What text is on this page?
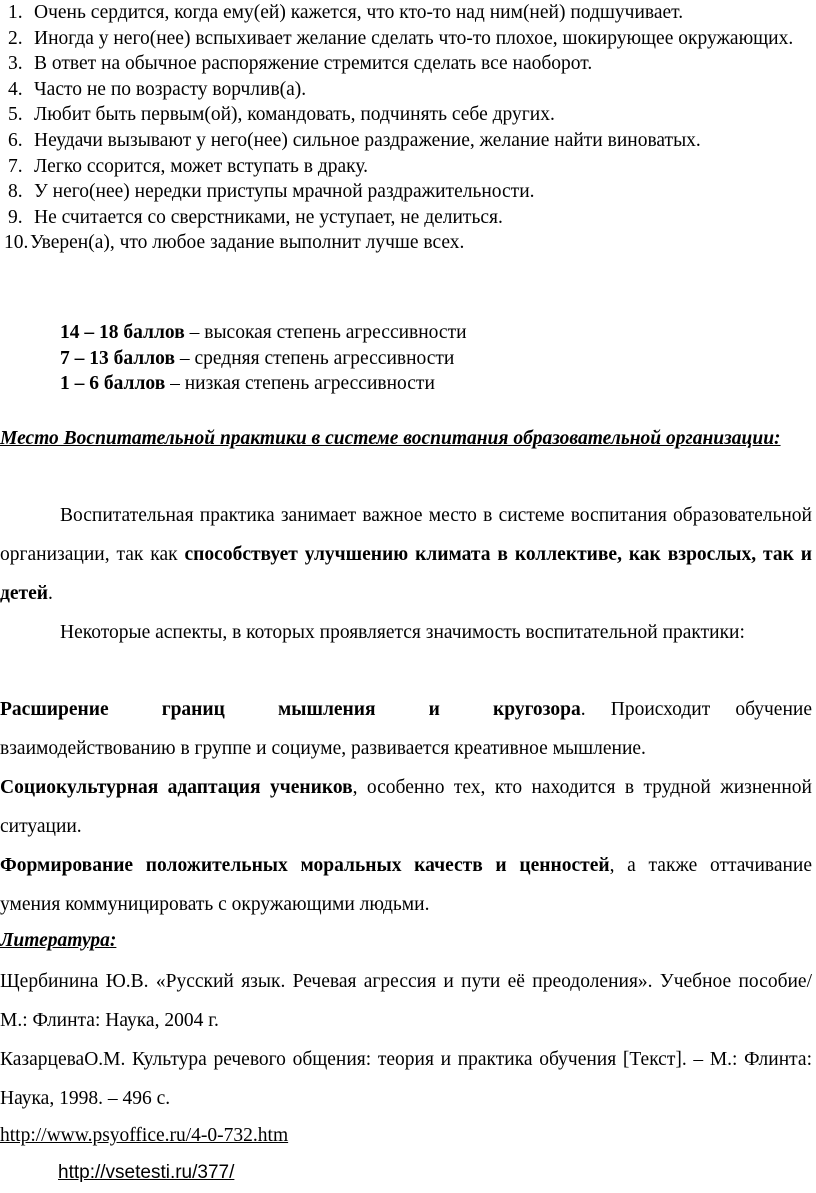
1. Очень сердится, когда ему(ей) кажется, что кто-то над ним(ней) подшучивает.
2. Иногда у него(нее) вспыхивает желание сделать что-то плохое, шокирующее окружающих.
3. В ответ на обычное распоряжение стремится сделать все наоборот.
4. Часто не по возрасту ворчлив(а).
5. Любит быть первым(ой), командовать, подчинять себе других.
6. Неудачи вызывают у него(нее) сильное раздражение, желание найти виноватых.
7. Легко ссорится, может вступать в драку.
8. У него(нее) нередки приступы мрачной раздражительности.
9. Не считается со сверстниками, не уступает, не делиться.
10. Уверен(а), что любое задание выполнит лучше всех.
14 – 18 баллов – высокая степень агрессивности
7 – 13 баллов – средняя степень агрессивности
1 – 6 баллов – низкая степень агрессивности
Место Воспитательной практики в системе воспитания образовательной организации:
Воспитательная практика занимает важное место в системе воспитания образовательной организации, так как способствует улучшению климата в коллективе, как взрослых, так и детей.
Некоторые аспекты, в которых проявляется значимость воспитательной практики:
Расширение границ мышления и кругозора. Происходит обучение взаимодействованию в группе и социуме, развивается креативное мышление.
Социокультурная адаптация учеников, особенно тех, кто находится в трудной жизненной ситуации.
Формирование положительных моральных качеств и ценностей, а также оттачивание умения коммуницировать с окружающими людьми.
Литература:
Щербинина Ю.В. «Русский язык. Речевая агрессия и пути её преодоления». Учебное пособие/М.: Флинта: Наука, 2004 г.
КазарцеваО.М. Культура речевого общения: теория и практика обучения [Текст]. – М.: Флинта: Наука, 1998. – 496 с.
http://www.psyoffice.ru/4-0-732.htm
http://vsetesti.ru/377/
